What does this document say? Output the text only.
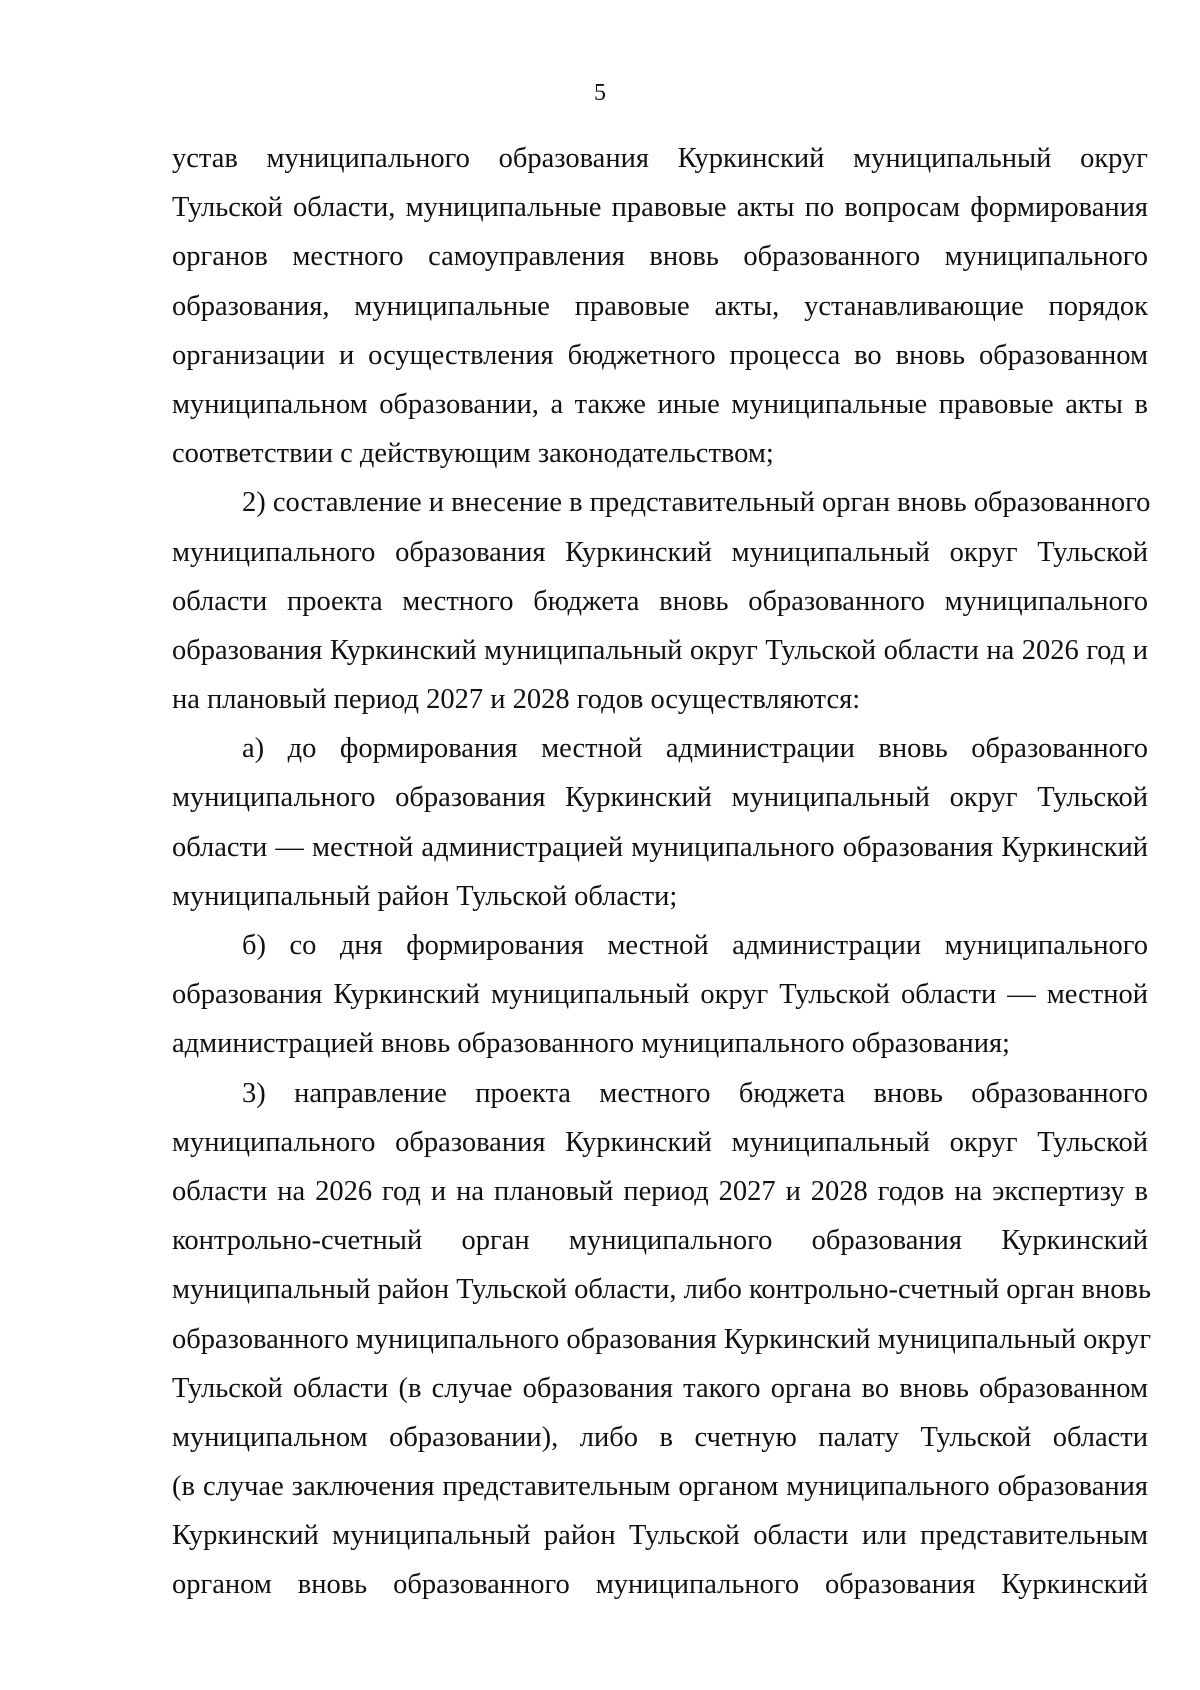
5
устав муниципального образования Куркинский муниципальный округ
Тульской области, муниципальные правовые акты по вопросам формирования
органов местного самоуправления вновь образованного муниципального
образования, муниципальные правовые акты, устанавливающие порядок
организации и осуществления бюджетного процесса во вновь образованном
муниципальном образовании, а также иные муниципальные правовые акты в
соответствии с действующим законодательством;
2) составление и внесение в представительный орган вновь образованного
муниципального образования Куркинский муниципальный округ Тульской
области проекта местного бюджета вновь образованного муниципального
образования Куркинский муниципальный округ Тульской области на 2026 год и
на плановый период 2027 и 2028 годов осуществляются:
а) до формирования местной администрации вновь образованного
муниципального образования Куркинский муниципальный округ Тульской
области — местной администрацией муниципального образования Куркинский
муниципальный район Тульской области;
б) со дня формирования местной администрации муниципального
образования Куркинский муниципальный округ Тульской области — местной
администрацией вновь образованного муниципального образования;
3) направление проекта местного бюджета вновь образованного
муниципального образования Куркинский муниципальный округ Тульской
области на 2026 год и на плановый период 2027 и 2028 годов на экспертизу в
контрольно-счетный орган муниципального образования Куркинский
муниципальный район Тульской области, либо контрольно-счетный орган вновь
образованного муниципального образования Куркинский муниципальный округ
Тульской области (в случае образования такого органа во вновь образованном
муниципальном образовании), либо в счетную палату Тульской области
(в случае заключения представительным органом муниципального образования
Куркинский муниципальный район Тульской области или представительным
органом вновь образованного муниципального образования Куркинский
